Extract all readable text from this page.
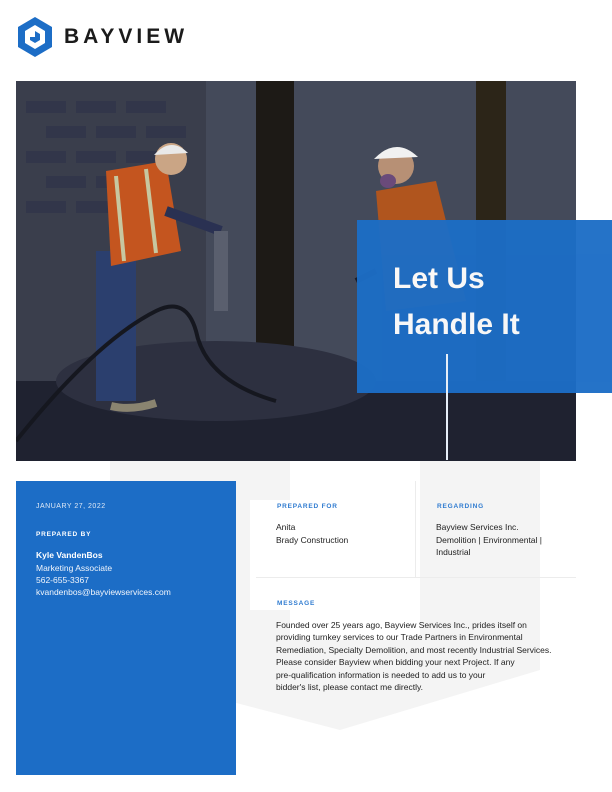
BAYVIEW
Let Us
Handle It
JANUARY 27, 2022
PREPARED BY
Kyle VandenBos
Marketing Associate
562-655-3367
kvandenbos@bayviewservices.com
PREPARED FOR
Anita
Brady Construction
REGARDING
Bayview Services Inc.
Demolition | Environmental |
Industrial
MESSAGE
Founded over 25 years ago, Bayview Services Inc., prides itself on
providing turnkey services to our Trade Partners in Environmental
Remediation, Specialty Demolition, and most recently Industrial Services.
Please consider Bayview when bidding your next Project. If any
pre-qualification information is needed to add us to your
bidder's list, please contact me directly.
